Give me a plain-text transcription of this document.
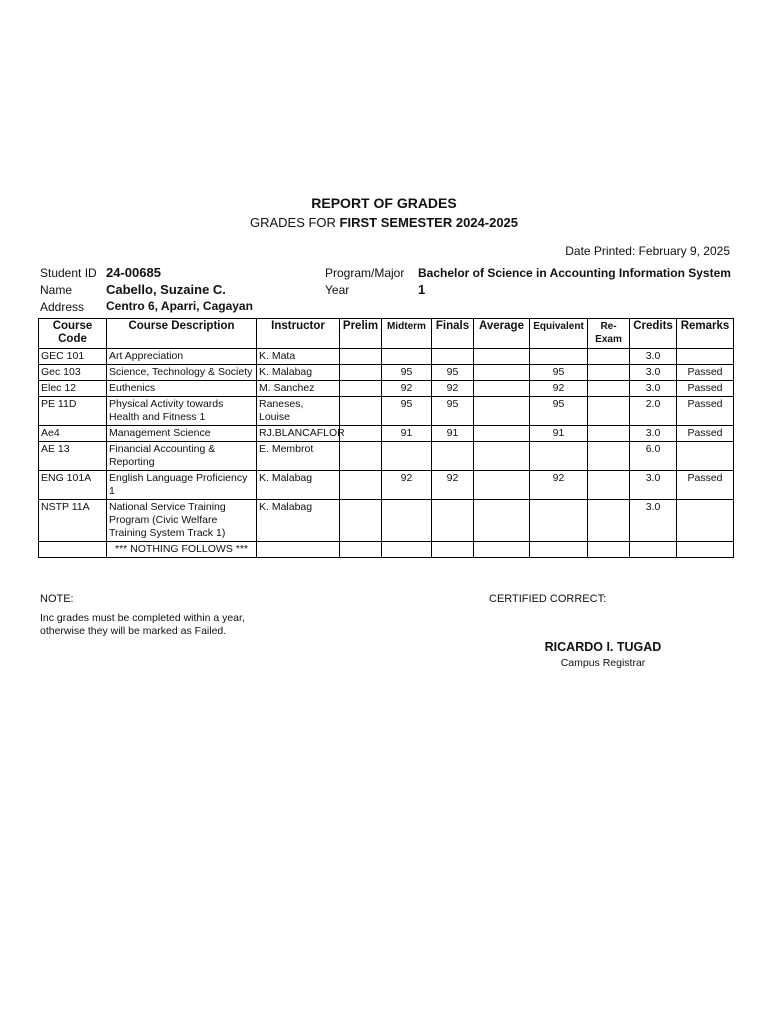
REPORT OF GRADES
GRADES FOR FIRST SEMESTER 2024-2025
Date Printed: February 9, 2025
Student ID 24-00685
Name	Cabello, Suzaine C.
Address Centro 6, Aparri, Cagayan
Program/Major Bachelor of Science in Accounting Information System
Year	1
Course Code	Course Description	Instructor	Prelim	Midterm	Finals	Average	Equivalent	Re-Exam	Credits	Remarks
GEC 101	Art Appreciation	K. Mata							3.0	
Gec 103	Science, Technology & Society	K. Malabag		95	95		95		3.0	Passed
Elec 12	Euthenics	M. Sanchez		92	92		92		3.0	Passed
PE 11D	Physical Activity towards Health and Fitness 1	Raneses, Louise		95	95		95		2.0	Passed
Ae4	Management Science	RJ.BLANCAFLOR		91	91		91		3.0	Passed
AE 13	Financial Accounting & Reporting	E. Membrot							6.0	
ENG 101A	English Language Proficiency 1	K. Malabag		92	92		92		3.0	Passed
NSTP 11A	National Service Training Program (Civic Welfare Training System Track 1)	K. Malabag							3.0	
	*** NOTHING FOLLOWS ***									
NOTE:
Inc grades must be completed within a year, otherwise they will be marked as Failed.
CERTIFIED CORRECT:
RICARDO I. TUGAD
Campus Registrar
